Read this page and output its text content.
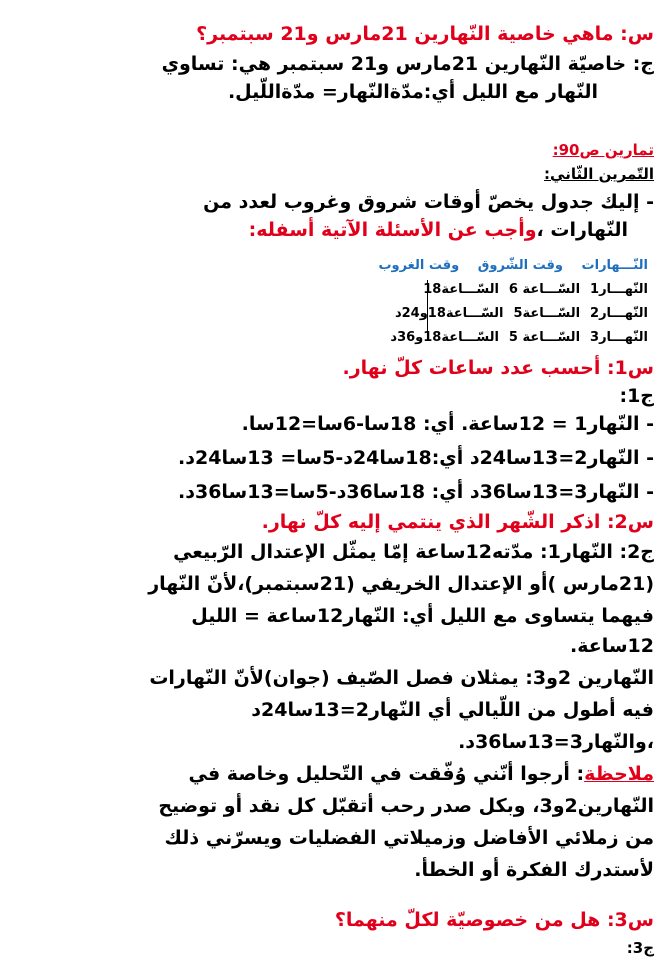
س: ماهي خاصية النّهارين 21مارس و21 سبتمبر؟
ج: خاصيّة النّهارين 21مارس و21 سبتمبر هي: تساوي
النّهار مع الليل أي:مدّةالنّهار= مدّةاللّيل.
تمارين ص90:
التّمرين الثّاني:
- إليك جدول يخصّ أوقات شروق وغروب لعدد من
النّهارات ،وأجب عن الأسئلة الآتية أسفله:
النّـــهارات وقت الشّروق وقت الغروب
النّهـــار1السّـــاعة 6السّـــاعة18
النّهـــار2السّـــاعة5السّـــاعة18و24د
النّهـــار3السّـــاعة 5السّـــاعة18و36د
س1: أحسب عدد ساعات كلّ نهار.
ج1:
- النّهار1 = 12ساعة. أي: 18سا-6سا=12سا.
- النّهار2=13سا24د أي:18سا24د-5سا= 13سا24د.
- النّهار3=13سا36د أي: 18سا36د-5سا=13سا36د.
س2: اذكر الشّهر الذي ينتمي إليه كلّ نهار.
ج2: النّهار1: مدّته12ساعة إمّا يمثّل الإعتدال الرّبيعي
(21مارس )أو الإعتدال الخريفي (21سبتمبر)،لأنّ النّهار
فيهما يتساوى مع الليل أي: النّهار12ساعة = الليل
12ساعة.
النّهارين 2و3: يمثلان فصل الصّيف (جوان)لأنّ النّهارات
فيه أطول من اللّيالي أي النّهار2=13سا24د
،والنّهار3=13سا36د.
ملاحظة: أرجوا أنّني وُفّقت في التّحليل وخاصة في
النّهارين2و3، وبكل صدر رحب أتقبّل كل نقد أو توضيح
من زملائي الأفاضل وزميلاتي الفضليات ويسرّني ذلك
لأستدرك الفكرة أو الخطأ.
س3: هل من خصوصيّة لكلّ منهما؟
ج3:
